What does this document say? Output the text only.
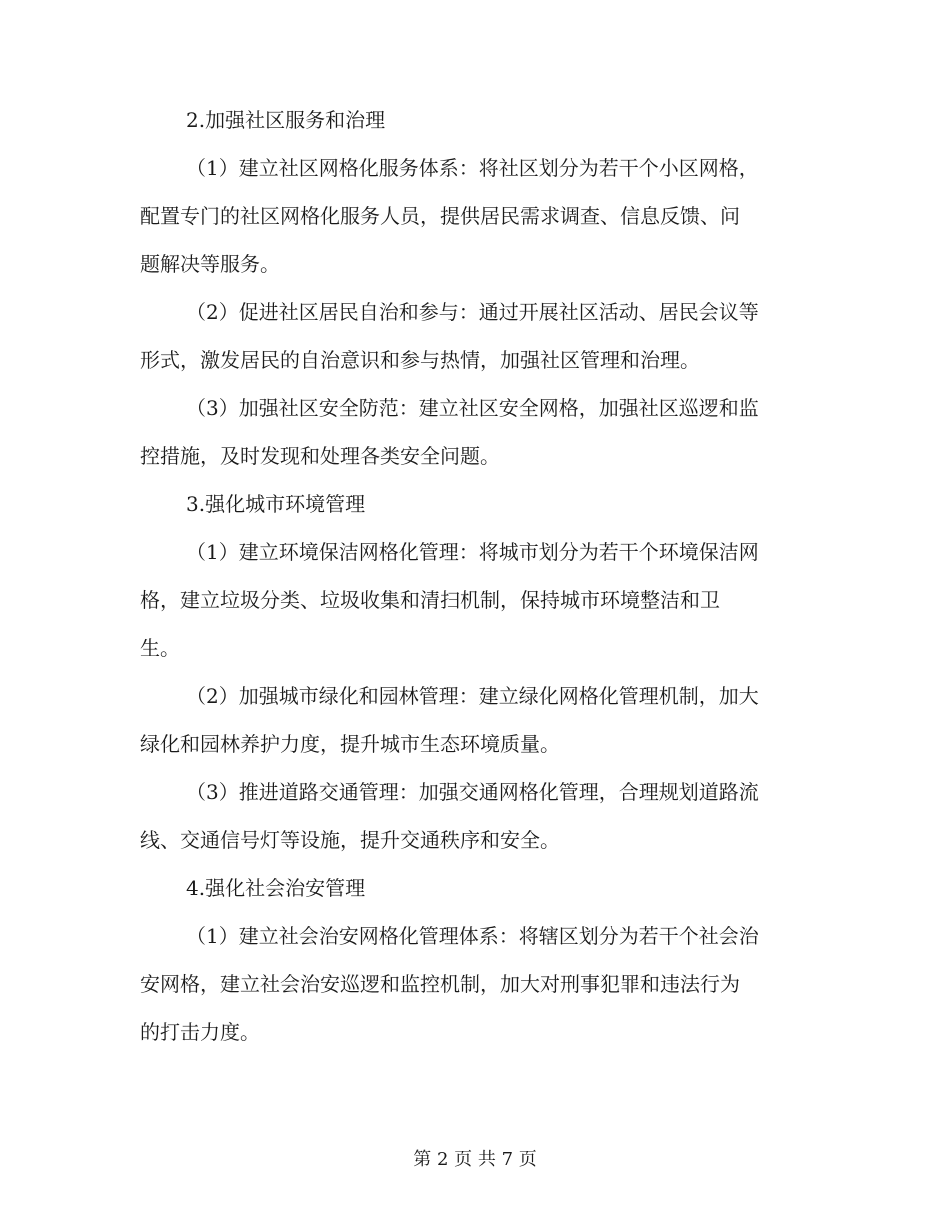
2.加强社区服务和治理

（1）建立社区网格化服务体系：将社区划分为若干个小区网格，

配置专门的社区网格化服务人员，提供居民需求调查、信息反馈、问

题解决等服务。

（2）促进社区居民自治和参与：通过开展社区活动、居民会议等

形式，激发居民的自治意识和参与热情，加强社区管理和治理。

（3）加强社区安全防范：建立社区安全网格，加强社区巡逻和监

控措施，及时发现和处理各类安全问题。

3.强化城市环境管理

（1）建立环境保洁网格化管理：将城市划分为若干个环境保洁网

格，建立垃圾分类、垃圾收集和清扫机制，保持城市环境整洁和卫

生。

（2）加强城市绿化和园林管理：建立绿化网格化管理机制，加大

绿化和园林养护力度，提升城市生态环境质量。

（3）推进道路交通管理：加强交通网格化管理，合理规划道路流

线、交通信号灯等设施，提升交通秩序和安全。

4.强化社会治安管理

（1）建立社会治安网格化管理体系：将辖区划分为若干个社会治

安网格，建立社会治安巡逻和监控机制，加大对刑事犯罪和违法行为

的打击力度。

第 2 页 共 7 页
